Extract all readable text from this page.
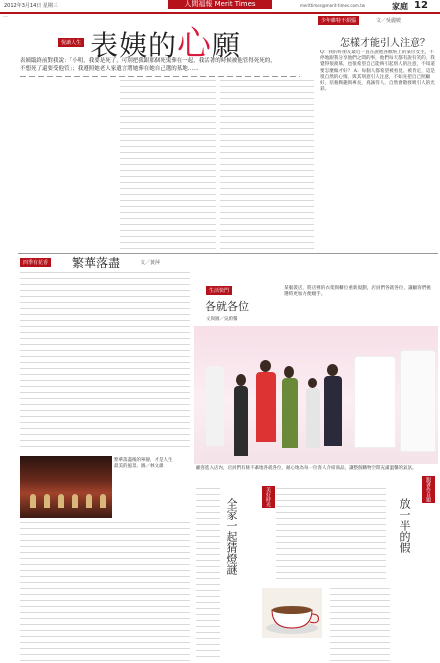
2012年3月14日 星期三	人間福報 Merit Times	merittimes@merit-times.com.tw	家庭 12
｜
悅讀人生 表姨的心願
表姨臨終前對我說：「小明，我要是死了，可別把我跟那個死鬼葬在一起，我活著的時候被他管得死死的，不想死了還要受他管」；我遵照她老人家遺言將她葬在她自己選的墓地……
少年維特不煩惱	文／吳麗媛
怎樣才能引人注意？
Q：我的好朋友最近一直在說他喜歡班上的某位女生，不停地跟我分享他們之間的事，他們每天都有說有笑的，我覺得很羨慕，也很希望自己能夠引起別人的注意，不知道要怎麼做才好？ A：每個人都希望被看見、被肯定，這是很自然的心情。與其刻意引人注意，不如先把自己照顧好，培養興趣與專長，真誠待人，自然會散發吸引人的光彩。
四季有花香 繁華落盡	文／黃萍
繁華落盡後的寧靜，才是人生最美的風景。圖／林文雄
生活快門
各就各位
文與圖／吳蔚馨
某服裝店，將店裡的衣架與櫃位重新規劃，店員們各就各位，讓顧客們挑選時更加方便順手。
顧客進入店內，店員們有條不紊地各就各位，耐心地為每一位客人介紹商品，讓整個購物空間充滿溫馨的氣氛。
美好時光
全家一起猜燈謎
跟著作自題
放一半的假
